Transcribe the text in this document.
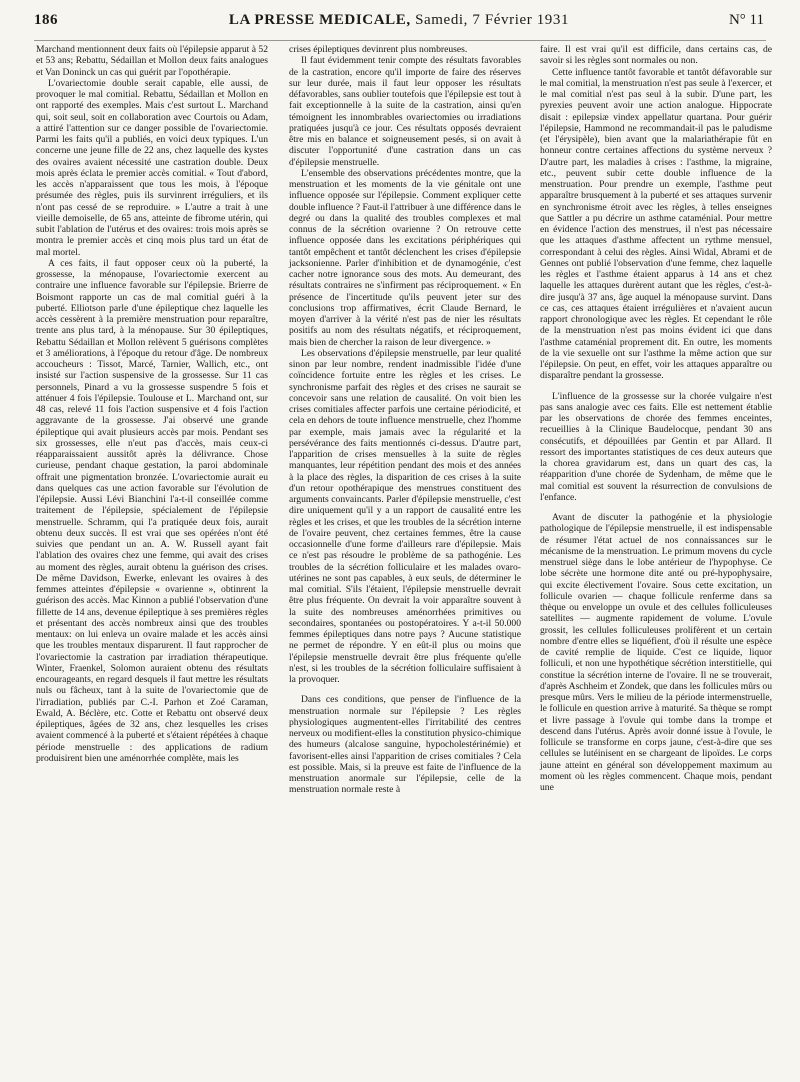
186	LA PRESSE MEDICALE, Samedi, 7 Février 1931	N° 11

Marchand mentionnent deux faits où l'épilepsie apparut à 52 et 53 ans; Rebattu, Sédaillan et Mollon deux faits analogues et Van Doninck un cas qui guérit par l'opothérapie.

L'ovariectomie double serait capable, elle aussi, de provoquer le mal comitial. Rebattu, Sédaillan et Mollon en ont rapporté des exemples. Mais c'est surtout L. Marchand qui, soit seul, soit en collaboration avec Courtois ou Adam, a attiré l'attention sur ce danger possible de l'ovariectomie. Parmi les faits qu'il a publiés, en voici deux typiques. L'un concerne une jeune fille de 22 ans, chez laquelle des kystes des ovaires avaient nécessité une castration double. Deux mois après éclata le premier accès comitial. « Tout d'abord, les accès n'apparaissent que tous les mois, à l'époque présumée des règles, puis ils survinrent irréguliers, et ils n'ont pas cessé de se reproduire. » L'autre a trait à une vieille demoiselle, de 65 ans, atteinte de fibrome utérin, qui subit l'ablation de l'utérus et des ovaires: trois mois après se montra le premier accès et cinq mois plus tard un état de mal mortel.

A ces faits, il faut opposer ceux où la puberté, la grossesse, la ménopause, l'ovariectomie exercent au contraire une influence favorable sur l'épilepsie. Brierre de Boismont rapporte un cas de mal comitial guéri à la puberté. Elliotson parle d'une épileptique chez laquelle les accès cessèrent à la première menstruation pour reparaître, trente ans plus tard, à la ménopause. Sur 30 épileptiques, Rebattu Sédaillan et Mollon relèvent 5 guérisons complètes et 3 améliorations, à l'époque du retour d'âge. De nombreux accoucheurs : Tissot, Marcé, Tarnier, Wallich, etc., ont insisté sur l'action suspensive de la grossesse. Sur 11 cas personnels, Pinard a vu la grossesse suspendre 5 fois et atténuer 4 fois l'épilepsie. Toulouse et L. Marchand ont, sur 48 cas, relevé 11 fois l'action suspensive et 4 fois l'action aggravante de la grossesse. J'ai observé une grande épileptique qui avait plusieurs accès par mois. Pendant ses six grossesses, elle n'eut pas d'accès, mais ceux-ci réapparaissaient aussitôt après la délivrance. Chose curieuse, pendant chaque gestation, la paroi abdominale offrait une pigmentation bronzée. L'ovariectomie aurait eu dans quelques cas une action favorable sur l'évolution de l'épilepsie. Aussi Lévi Bianchini l'a-t-il conseillée comme traitement de l'épilepsie, spécialement de l'épilepsie menstruelle. Schramm, qui l'a pratiquée deux fois, aurait obtenu deux succès. Il est vrai que ses opérées n'ont été suivies que pendant un an. A. W. Russell ayant fait l'ablation des ovaires chez une femme, qui avait des crises au moment des règles, aurait obtenu la guérison des crises. De même Davidson, Ewerke, enlevant les ovaires à des femmes atteintes d'épilepsie « ovarienne », obtinrent la guérison des accès. Mac Kinnon a publié l'observation d'une fillette de 14 ans, devenue épileptique à ses premières règles et présentant des accès nombreux ainsi que des troubles mentaux: on lui enleva un ovaire malade et les accès ainsi que les troubles mentaux disparurent. Il faut rapprocher de l'ovariectomie la castration par irradiation thérapeutique. Winter, Fraenkel, Solomon auraient obtenu des résultats encourageants, en regard desquels il faut mettre les résultats nuls ou fâcheux, tant à la suite de l'ovariectomie que de l'irradiation, publiés par C.-I. Parhon et Zoé Caraman, Ewald, A. Béclère, etc. Cotte et Rebattu ont observé deux épileptiques, âgées de 32 ans, chez lesquelles les crises avaient commencé à la puberté et s'étaient répétées à chaque période menstruelle : des applications de radium produisirent bien une aménorrhée complète, mais les

crises épileptiques devinrent plus nombreuses.

Il faut évidemment tenir compte des résultats favorables de la castration, encore qu'il importe de faire des réserves sur leur durée, mais il faut leur opposer les résultats défavorables, sans oublier toutefois que l'épilepsie est tout à fait exceptionnelle à la suite de la castration, ainsi qu'en témoignent les innombrables ovariectomies ou irradiations pratiquées jusqu'à ce jour. Ces résultats opposés devraient être mis en balance et soigneusement pesés, si on avait à discuter l'opportunité d'une castration dans un cas d'épilepsie menstruelle.

L'ensemble des observations précédentes montre, que la menstruation et les moments de la vie génitale ont une influence opposée sur l'épilepsie. Comment expliquer cette double influence ? Faut-il l'attribuer à une différence dans le degré ou dans la qualité des troubles complexes et mal connus de la sécrétion ovarienne ? On retrouve cette influence opposée dans les excitations périphériques qui tantôt empêchent et tantôt déclenchent les crises d'épilepsie jacksonienne. Parler d'inhibition et de dynamogénie, c'est cacher notre ignorance sous des mots. Au demeurant, des résultats contraires ne s'infirment pas réciproquement. « En présence de l'incertitude qu'ils peuvent jeter sur des conclusions trop affirmatives, écrit Claude Bernard, le moyen d'arriver à la vérité n'est pas de nier les résultats positifs au nom des résultats négatifs, et réciproquement, mais bien de chercher la raison de leur divergence. »

Les observations d'épilepsie menstruelle, par leur qualité sinon par leur nombre, rendent inadmissible l'idée d'une coïncidence fortuite entre les règles et les crises. Le synchronisme parfait des règles et des crises ne saurait se concevoir sans une relation de causalité. On voit bien les crises comitiales affecter parfois une certaine périodicité, et cela en dehors de toute influence menstruelle, chez l'homme par exemple, mais jamais avec la régularité et la persévérance des faits mentionnés ci-dessus. D'autre part, l'apparition de crises mensuelles à la suite de règles manquantes, leur répétition pendant des mois et des années à la place des règles, la disparition de ces crises à la suite d'un retour opothérapique des menstrues constituent des arguments convaincants. Parler d'épilepsie menstruelle, c'est dire uniquement qu'il y a un rapport de causalité entre les règles et les crises, et que les troubles de la sécrétion interne de l'ovaire peuvent, chez certaines femmes, être la cause occasionnelle d'une forme d'ailleurs rare d'épilepsie. Mais ce n'est pas résoudre le problème de sa pathogénie. Les troubles de la sécrétion folliculaire et les malades ovaro-utérines ne sont pas capables, à eux seuls, de déterminer le mal comitial. S'ils l'étaient, l'épilepsie menstruelle devrait être plus fréquente. On devrait la voir apparaître souvent à la suite des nombreuses aménorrhées primitives ou secondaires, spontanées ou postopératoires. Y a-t-il 50.000 femmes épileptiques dans notre pays ? Aucune statistique ne permet de répondre. Y en eût-il plus ou moins que l'épilepsie menstruelle devrait être plus fréquente qu'elle n'est, si les troubles de la sécrétion folliculaire suffisaient à la provoquer.

Dans ces conditions, que penser de l'influence de la menstruation normale sur l'épilepsie ? Les règles physiologiques augmentent-elles l'irritabilité des centres nerveux ou modifient-elles la constitution physico-chimique des humeurs (alcalose sanguine, hypocholestérinémie) et favorisent-elles ainsi l'apparition de crises comitiales ? Cela est possible. Mais, si la preuve est faite de l'influence de la menstruation anormale sur l'épilepsie, celle de la menstruation normale reste à

faire. Il est vrai qu'il est difficile, dans certains cas, de savoir si les règles sont normales ou non.

Cette influence tantôt favorable et tantôt défavorable sur le mal comitial, la menstruation n'est pas seule à l'exercer, et le mal comitial n'est pas seul à la subir. D'une part, les pyrexies peuvent avoir une action analogue. Hippocrate disait : epilepsiæ vindex appellatur quartana. Pour guérir l'épilepsie, Hammond ne recommandait-il pas le paludisme (et l'érysipèle), bien avant que la malariathérapie fût en honneur contre certaines affections du système nerveux ? D'autre part, les maladies à crises : l'asthme, la migraine, etc., peuvent subir cette double influence de la menstruation. Pour prendre un exemple, l'asthme peut apparaître brusquement à la puberté et ses attaques survenir en synchronisme étroit avec les règles, à telles enseignes que Sattler a pu décrire un asthme cataménial. Pour mettre en évidence l'action des menstrues, il n'est pas nécessaire que les attaques d'asthme affectent un rythme mensuel, correspondant à celui des règles. Ainsi Widal, Abrami et de Gennes ont publié l'observation d'une femme, chez laquelle les règles et l'asthme étaient apparus à 14 ans et chez laquelle les attaques durèrent autant que les règles, c'est-à-dire jusqu'à 37 ans, âge auquel la ménopause survint. Dans ce cas, ces attaques étaient irrégulières et n'avaient aucun rapport chronologique avec les règles. Et cependant le rôle de la menstruation n'est pas moins évident ici que dans l'asthme cataménial proprement dit. En outre, les moments de la vie sexuelle ont sur l'asthme la même action que sur l'épilepsie. On peut, en effet, voir les attaques apparaître ou disparaître pendant la grossesse.

L'influence de la grossesse sur la chorée vulgaire n'est pas sans analogie avec ces faits. Elle est nettement établie par les observations de chorée des femmes enceintes, recueillies à la Clinique Baudelocque, pendant 30 ans consécutifs, et dépouillées par Gentin et par Allard. Il ressort des importantes statistiques de ces deux auteurs que la chorea gravidarum est, dans un quart des cas, la réapparition d'une chorée de Sydenham, de même que le mal comitial est souvent la résurrection de convulsions de l'enfance.

Avant de discuter la pathogénie et la physiologie pathologique de l'épilepsie menstruelle, il est indispensable de résumer l'état actuel de nos connaissances sur le mécanisme de la menstruation. Le primum movens du cycle menstruel siège dans le lobe antérieur de l'hypophyse. Ce lobe sécrète une hormone dite anté ou pré-hypophysaire, qui excite électivement l'ovaire. Sous cette excitation, un follicule ovarien — chaque follicule renferme dans sa thèque ou enveloppe un ovule et des cellules folliculeuses satellites — augmente rapidement de volume. L'ovule grossit, les cellules folliculeuses prolifèrent et un certain nombre d'entre elles se liquéfient, d'où il résulte une espèce de cavité remplie de liquide. C'est ce liquide, liquor folliculi, et non une hypothétique sécrétion interstitielle, qui constitue la sécrétion interne de l'ovaire. Il ne se trouverait, d'après Aschheim et Zondek, que dans les follicules mûrs ou presque mûrs. Vers le milieu de la période intermenstruelle, le follicule en question arrive à maturité. Sa thèque se rompt et livre passage à l'ovule qui tombe dans la trompe et descend dans l'utérus. Après avoir donné issue à l'ovule, le follicule se transforme en corps jaune, c'est-à-dire que ses cellules se lutéinisent en se chargeant de lipoïdes. Le corps jaune atteint en général son développement maximum au moment où les règles commencent. Chaque mois, pendant une
